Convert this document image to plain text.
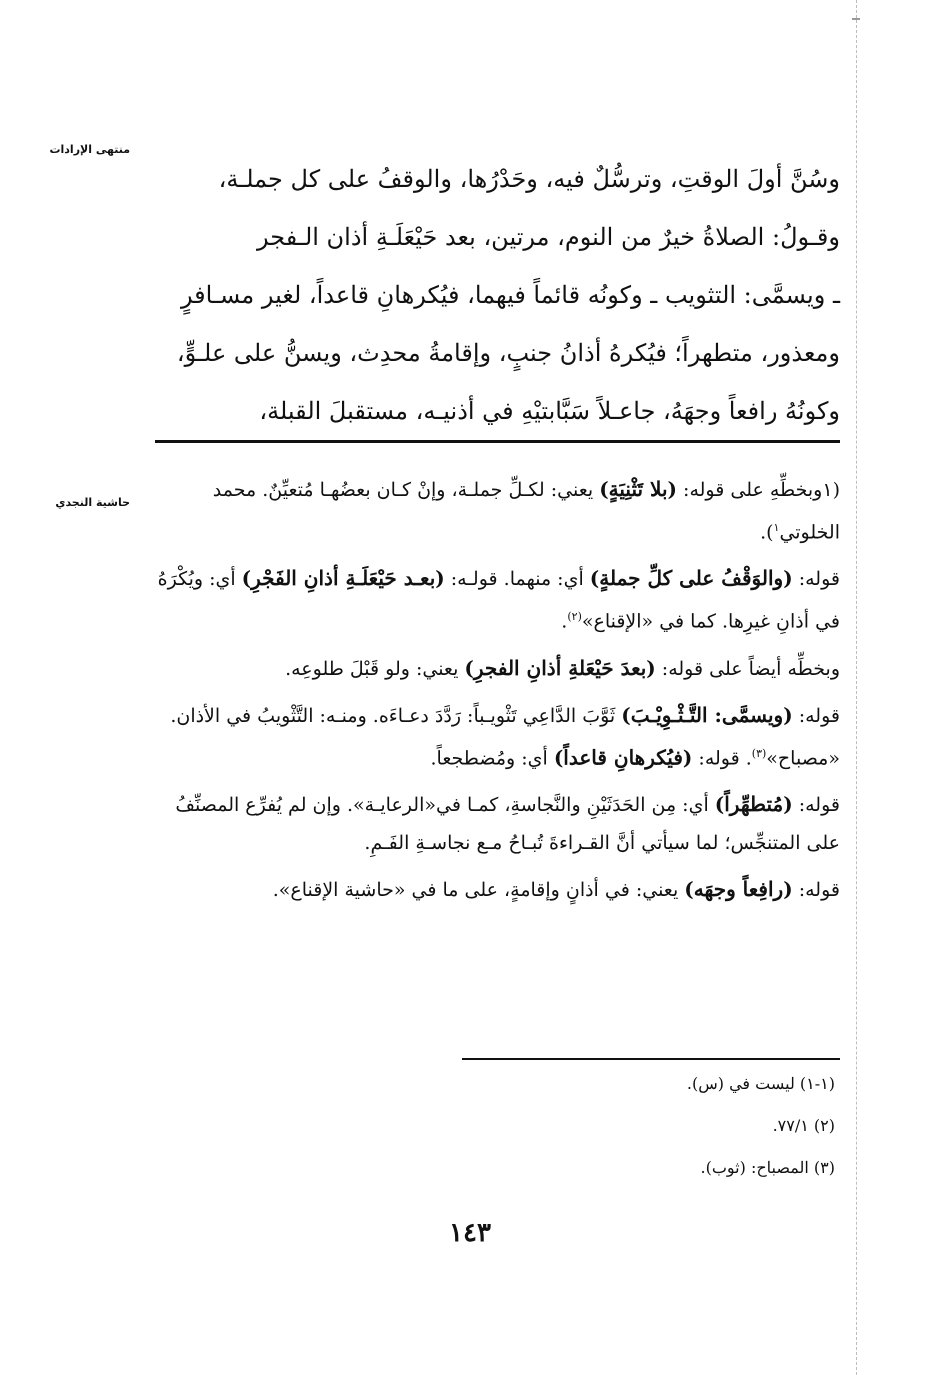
منتهى الإرادات
حاشية النجدي

وسُنَّ أولَ الوقتِ، وترسُّلٌ فيه، وحَدْرُها، والوقفُ على كل جملـة،

وقـولُ: الصلاةُ خيرٌ من النوم، مرتين، بعد حَيْعَلَـةِ أذان الـفجر

ـ ويسمَّى: التثويب ـ وكونُه قائماً فيهما، فيُكرهانِ قاعداً، لغير مسـافرٍ

ومعذور، متطهراً؛ فيُكرهُ أذانُ جنبٍ، وإقامةُ محدِث، ويسنُّ على علـوٍّ،

وكونُهُ رافعاً وجهَهُ، جاعـلاً سَبَّابتيْهِ في أذنيـه، مستقبلَ القبلة،

(١وبخطِّهِ على قوله: (بلا تَثْنِيَةٍ) يعني: لكـلِّ جملـة، وإنْ كـان بعضُهـا مُتعيِّنٌ. محمد الخلوتي$^١$).

قوله: (والوَقْفُ على كلِّ جملةٍ) أي: منهما. قولـه: (بعـد حَيْعَلَـةِ أذانِ الفَجْرِ) أي: ويُكْرَهُ في أذانِ غيرِها. كما في «الإقناع»$^{(٢)}$.

وبخطِّه أيضاً على قوله: (بعدَ حَيْعَلةِ أذانِ الفجرِ) يعني: ولو قَبْلَ طلوعِه.

قوله: (ويسمَّى: التَّـثْـوِيْـبَ) ثَوَّبَ الدَّاعِي تَثْويـباً: رَدَّدَ دعـاءَه. ومنـه: التَّثْويبُ في الأذان. «مصباح»$^{(٣)}$. قوله: (فيُكرهانِ قاعداً) أي: ومُضطجعاً.

قوله: (مُتطهِّراً) أي: مِن الحَدَثَيْنِ والنَّجاسةِ، كمـا في«الرعايـة». وإن لم يُفرِّع المصنِّفُ على المتنجِّس؛ لما سيأتي أنَّ القـراءةَ تُبـاحُ مـع نجاسـةِ الفَـمِ.

قوله: (رافِعاً وجهَه) يعني: في أذانٍ وإقامةٍ، على ما في «حاشية الإقناع».

(١-١) ليست في (س).
(٢) ٧٧/١.
(٣) المصباح: (ثوب).
١٤٣
